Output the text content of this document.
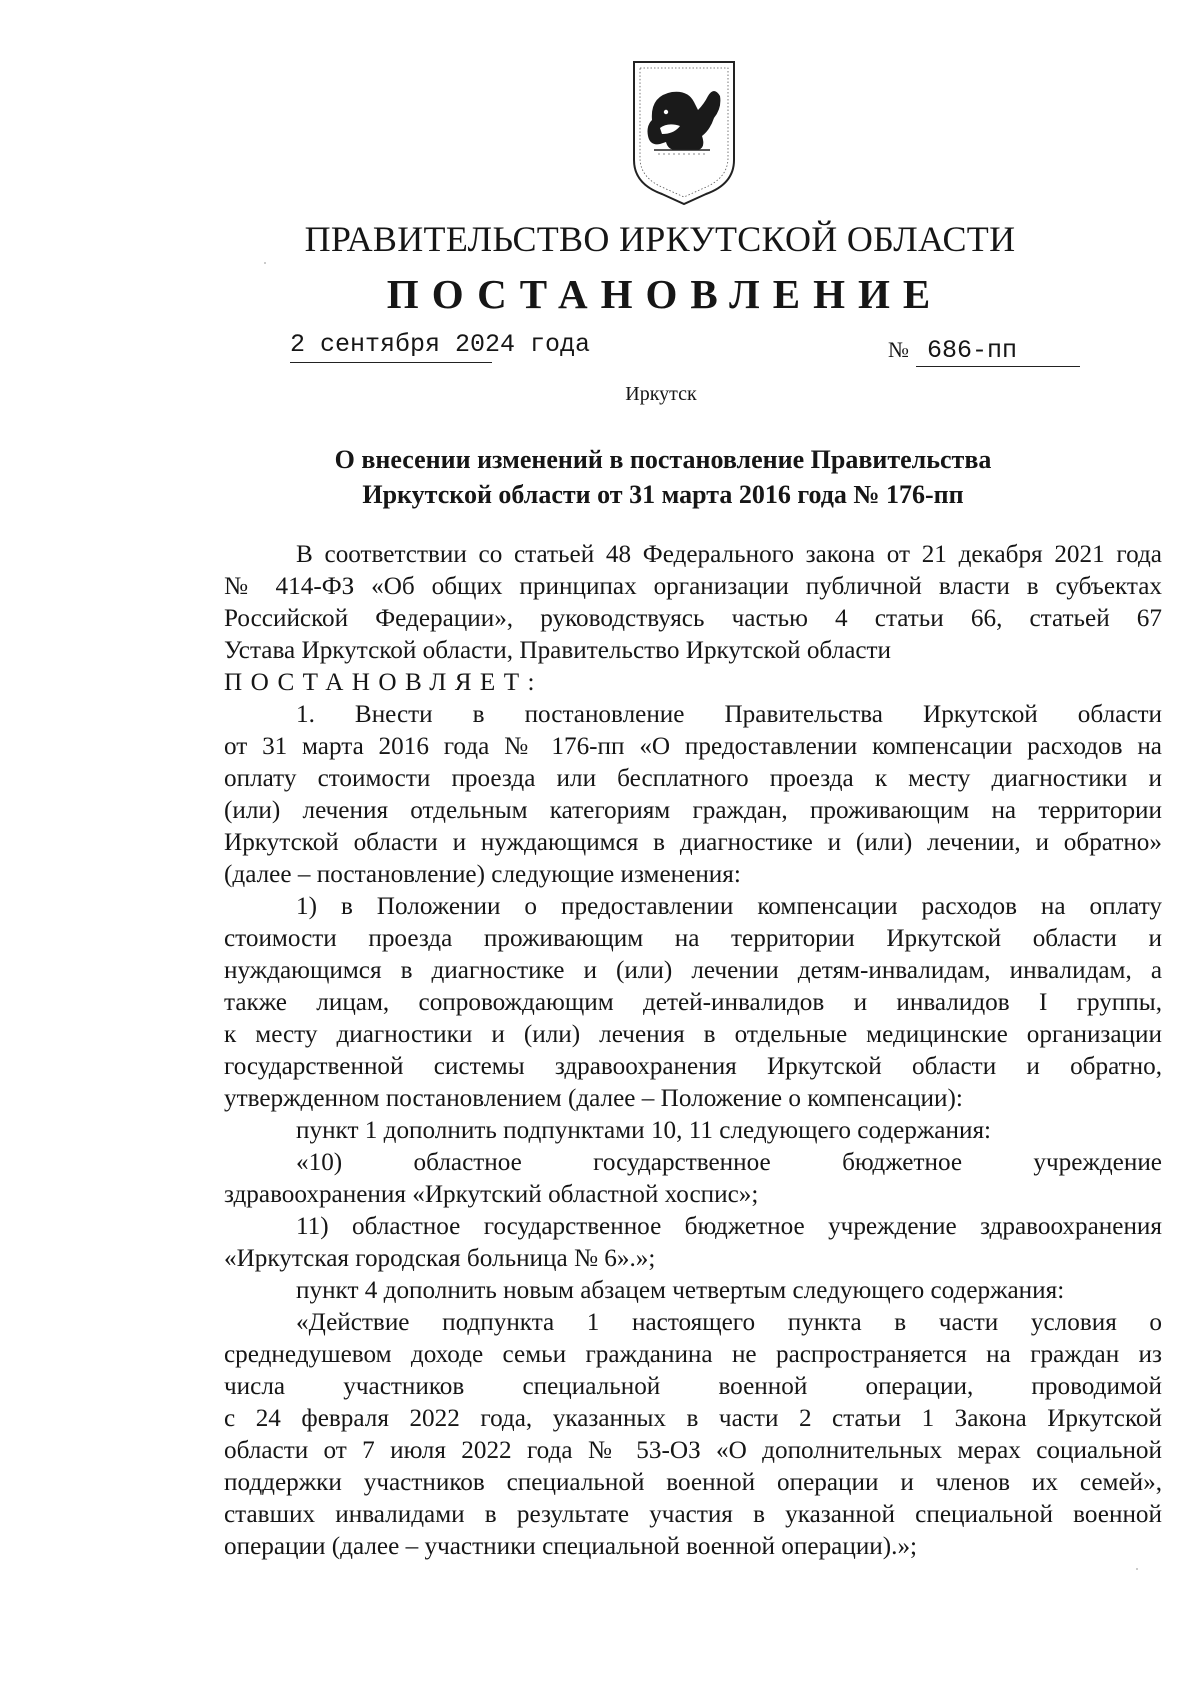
ПРАВИТЕЛЬСТВО ИРКУТСКОЙ ОБЛАСТИ
ПОСТАНОВЛЕНИЕ
2 сентября 2024 года	№ 686-пп
Иркутск
О внесении изменений в постановление Правительства
Иркутской области от 31 марта 2016 года № 176-пп

В соответствии со статьей 48 Федерального закона от 21 декабря 2021 года

№ 414-ФЗ «Об общих принципах организации публичной власти в субъектах

Российской Федерации», руководствуясь частью 4 статьи 66, статьей 67

Устава Иркутской области, Правительство Иркутской области

ПОСТАНОВЛЯЕТ:

1. Внести в постановление Правительства Иркутской области

от 31 марта 2016 года № 176-пп «О предоставлении компенсации расходов на

оплату стоимости проезда или бесплатного проезда к месту диагностики и

(или) лечения отдельным категориям граждан, проживающим на территории

Иркутской области и нуждающимся в диагностике и (или) лечении, и обратно»

(далее – постановление) следующие изменения:

1) в Положении о предоставлении компенсации расходов на оплату

стоимости проезда проживающим на территории Иркутской области и

нуждающимся в диагностике и (или) лечении детям-инвалидам, инвалидам, а

также лицам, сопровождающим детей-инвалидов и инвалидов I группы,

к месту диагностики и (или) лечения в отдельные медицинские организации

государственной системы здравоохранения Иркутской области и обратно,

утвержденном постановлением (далее – Положение о компенсации):

пункт 1 дополнить подпунктами 10, 11 следующего содержания:

«10) областное государственное бюджетное учреждение

здравоохранения «Иркутский областной хоспис»;

11) областное государственное бюджетное учреждение здравоохранения

«Иркутская городская больница № 6».»;

пункт 4 дополнить новым абзацем четвертым следующего содержания:

«Действие подпункта 1 настоящего пункта в части условия о

среднедушевом доходе семьи гражданина не распространяется на граждан из

числа участников специальной военной операции, проводимой

с 24 февраля 2022 года, указанных в части 2 статьи 1 Закона Иркутской

области от 7 июля 2022 года № 53-ОЗ «О дополнительных мерах социальной

поддержки участников специальной военной операции и членов их семей»,

ставших инвалидами в результате участия в указанной специальной военной

операции (далее – участники специальной военной операции).»;
